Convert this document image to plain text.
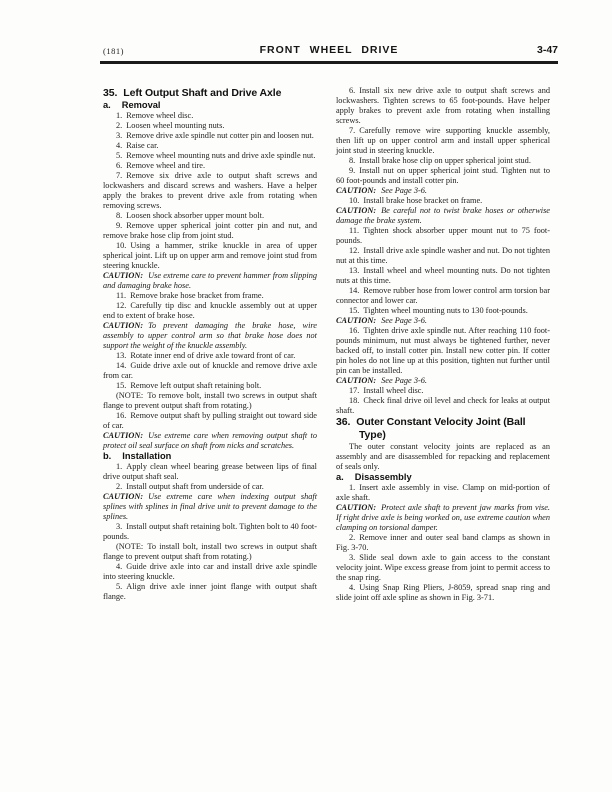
(181)	FRONT WHEEL DRIVE	3-47

35. Left Output Shaft and Drive Axle

a. Removal

1. Remove wheel disc.

2. Loosen wheel mounting nuts.

3. Remove drive axle spindle nut cotter pin and loosen nut.

4. Raise car.

5. Remove wheel mounting nuts and drive axle spindle nut.

6. Remove wheel and tire.

7. Remove six drive axle to output shaft screws and lockwashers and discard screws and washers. Have a helper apply the brakes to prevent drive axle from rotating when removing screws.

8. Loosen shock absorber upper mount bolt.

9. Remove upper spherical joint cotter pin and nut, and remove brake hose clip from joint stud.

10. Using a hammer, strike knuckle in area of upper spherical joint. Lift up on upper arm and remove joint stud from steering knuckle.

CAUTION: Use extreme care to prevent hammer from slipping and damaging brake hose.

11. Remove brake hose bracket from frame.

12. Carefully tip disc and knuckle assembly out at upper end to extent of brake hose.

CAUTION: To prevent damaging the brake hose, wire assembly to upper control arm so that brake hose does not support the weight of the knuckle assembly.

13. Rotate inner end of drive axle toward front of car.

14. Guide drive axle out of knuckle and remove drive axle from car.

15. Remove left output shaft retaining bolt.

(NOTE: To remove bolt, install two screws in output shaft flange to prevent output shaft from rotating.)

16. Remove output shaft by pulling straight out toward side of car.

CAUTION: Use extreme care when removing output shaft to protect oil seal surface on shaft from nicks and scratches.

b. Installation

1. Apply clean wheel bearing grease between lips of final drive output shaft seal.

2. Install output shaft from underside of car.

CAUTION: Use extreme care when indexing output shaft splines with splines in final drive unit to prevent damage to the splines.

3. Install output shaft retaining bolt. Tighten bolt to 40 foot-pounds.

(NOTE: To install bolt, install two screws in output shaft flange to prevent output shaft from rotating.)

4. Guide drive axle into car and install drive axle spindle into steering knuckle.

5. Align drive axle inner joint flange with output shaft flange.

6. Install six new drive axle to output shaft screws and lockwashers. Tighten screws to 65 foot-pounds. Have helper apply brakes to prevent axle from rotating when installing screws.

7. Carefully remove wire supporting knuckle assembly, then lift up on upper control arm and install upper spherical joint stud in steering knuckle.

8. Install brake hose clip on upper spherical joint stud.

9. Install nut on upper spherical joint stud. Tighten nut to 60 foot-pounds and install cotter pin.

CAUTION: See Page 3-6.

10. Install brake hose bracket on frame.

CAUTION: Be careful not to twist brake hoses or otherwise damage the brake system.

11. Tighten shock absorber upper mount nut to 75 foot-pounds.

12. Install drive axle spindle washer and nut. Do not tighten nut at this time.

13. Install wheel and wheel mounting nuts. Do not tighten nuts at this time.

14. Remove rubber hose from lower control arm torsion bar connector and lower car.

15. Tighten wheel mounting nuts to 130 foot-pounds.

CAUTION: See Page 3-6.

16. Tighten drive axle spindle nut. After reaching 110 foot-pounds minimum, nut must always be tightened further, never backed off, to install cotter pin. Install new cotter pin. If cotter pin holes do not line up at this position, tighten nut further until pin can be installed.

CAUTION: See Page 3-6.

17. Install wheel disc.

18. Check final drive oil level and check for leaks at output shaft.

36. Outer Constant Velocity Joint (Ball Type)

The outer constant velocity joints are replaced as an assembly and are disassembled for repacking and replacement of seals only.

a. Disassembly

1. Insert axle assembly in vise. Clamp on mid-portion of axle shaft.

CAUTION: Protect axle shaft to prevent jaw marks from vise. If right drive axle is being worked on, use extreme caution when clamping on torsional damper.

2. Remove inner and outer seal band clamps as shown in Fig. 3-70.

3. Slide seal down axle to gain access to the constant velocity joint. Wipe excess grease from joint to permit access to the snap ring.

4. Using Snap Ring Pliers, J-8059, spread snap ring and slide joint off axle spline as shown in Fig. 3-71.
